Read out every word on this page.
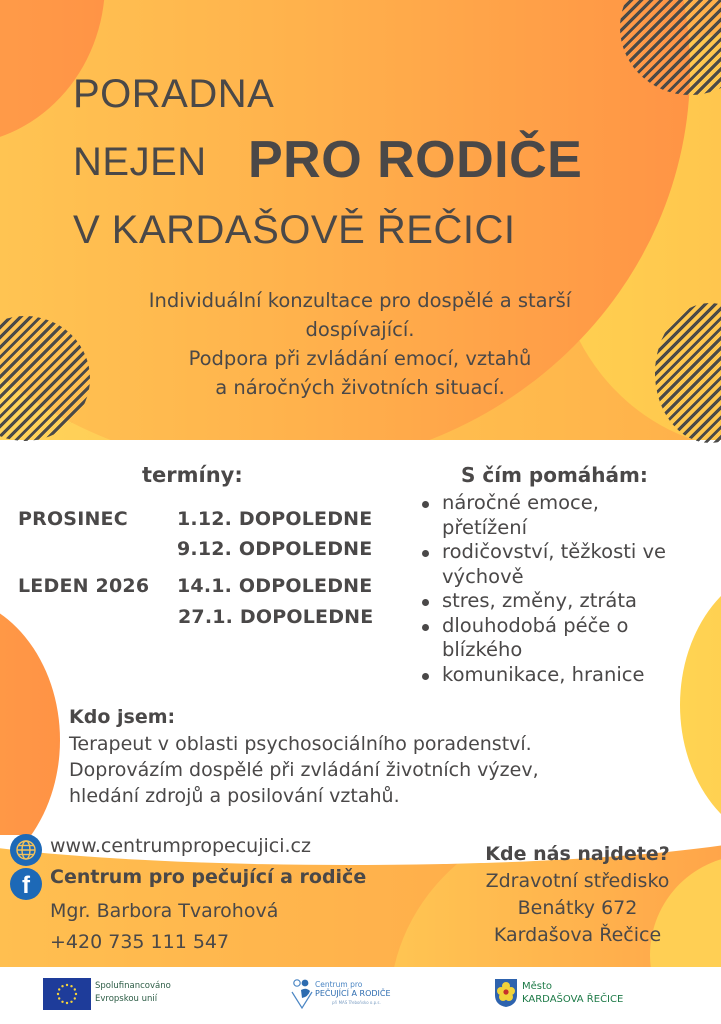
PORADNA
NEJEN PRO RODIČE
V KARDAŠOVĚ ŘEČICI
Individuální konzultace pro dospělé a starší
dospívající.
Podpora při zvládání emocí, vztahů
a náročných životních situací.
termíny:
PROSINEC	1.12. DOPOLEDNE
9.12. ODPOLEDNE
LEDEN 2026 14.1. ODPOLEDNE
27.1. DOPOLEDNE
S čím pomáhám:
náročné emoce,
přetížení
rodičovství, těžkosti ve
výchově
stres, změny, ztráta
dlouhodobá péče o
blízkého
komunikace, hranice
Kdo jsem:
Terapeut v oblasti psychosociálního poradenství.
Doprovázím dospělé při zvládání životních výzev,
hledání zdrojů a posilování vztahů.
www.centrumpropecujici.cz
f Centrum pro pečující a rodiče
Mgr. Barbora Tvarohová
+420 735 111 547
Kde nás najdete?
Zdravotní středisko
Benátky 672
Kardašova Řečice
Spolufinancováno
Evropskou unií
Centrum pro
PEČUJÍCÍ A RODIČE
při MAS Třeboňsko o.p.s.
Město
KARDAŠOVA ŘEČICE
